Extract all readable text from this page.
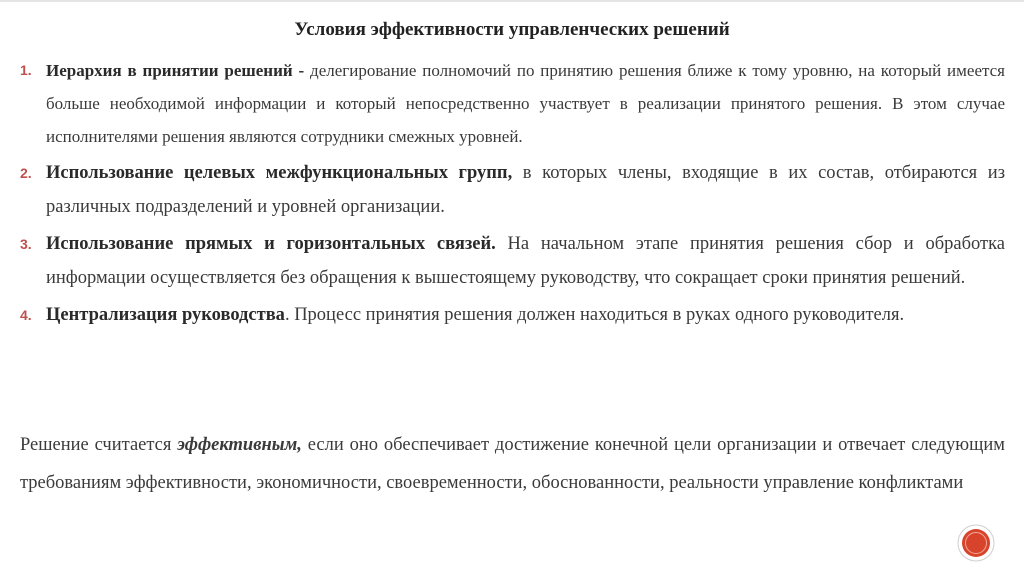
Условия эффективности управленческих решений
1. Иерархия в принятии решений - делегирование полномочий по принятию решения ближе к тому уровню, на который имеется больше необходимой информации и который непосредственно участвует в реализации принятого решения. В этом случае исполнителями решения являются сотрудники смежных уровней.
2. Использование целевых межфункциональных групп, в которых члены, входящие в их состав, отбираются из различных подразделений и уровней организации.
3. Использование прямых и горизонтальных связей. На начальном этапе принятия решения сбор и обработка информации осуществляется без обращения к вышестоящему руководству, что сокращает сроки принятия решений.
4. Централизация руководства. Процесс принятия решения должен находиться в руках одного руководителя.

Решение считается эффективным, если оно обеспечивает достижение конечной цели организации и отвечает следующим требованиям эффективности, экономичности, своевременности, обоснованности, реальности управление конфликтами
